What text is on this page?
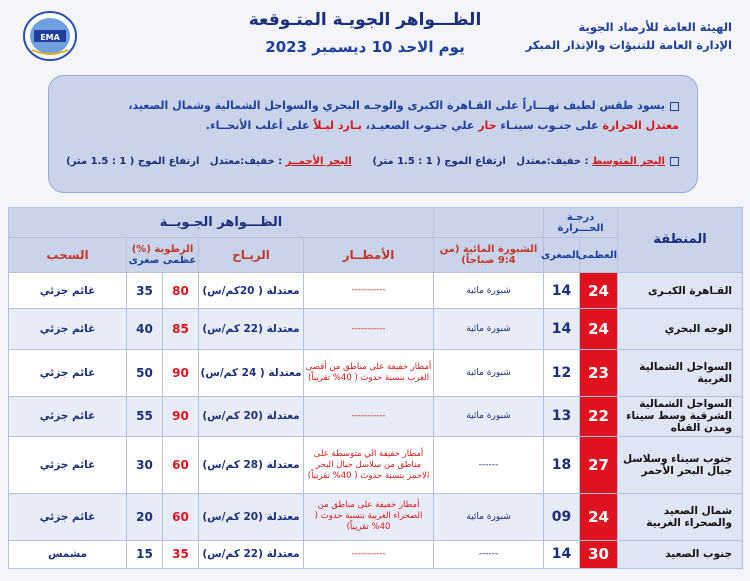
EMA
الهيئة العامة للأرصاد الجوية
الإدارة العامة للتنبؤات والإنذار المبكر
الظـــواهر الجويـة المتـوقعة
يوم الاحد 10 ديسمبر 2023
يسود طقس لطيف نهـــاراً على القـاهرة الكبرى والوجـه البحري والسواحل الشمالية وشمال الصعيد،
معتدل الحرارة على جنـوب سينـاء حار علي جنـوب الصعيـد، بـارد ليـلاً على أغلب الأنحــاء.
البحر المتوسط : خفيف:معتدل   ارتفاع الموج ( 1 : 1.5 متر)      البحر الأحمــر : خفيف:معتدل   ارتفاع الموج ( 1 : 1.5 متر)
المنطقة	درجـة الحـــرارة			الظـــواهر الجـويــة				
	العظمى	الصغرى	الشبورة المائية (من 9:4 صباحاً)	الأمطــار	الريـاح	الرطوبة (%)
عظمى صغرى		السحب
القـاهرة الكبـرى	24	14	شبورة مائية	-----------	معتدلة ( 20كم/س)	80	35	غائم جزئي
الوجه البحري	24	14	شبورة مائية	-----------	معتدلة (22 كم/س)	85	40	غائم جزئي
السواحل الشمالية الغربية	23	12	شبورة مائية	أمطار خفيفة على مناطق من أقصى الغرب بنسبة حدوث ( 40% تقريباً)	معتدلة ( 24 كم/س)	90	50	غائم جزئي
السواحل الشمالية الشرقية وسط سيناء ومدن القناه	22	13	شبورة مائية	-----------	معتدلة (20 كم/س)	90	55	غائم جزئي
جنوب سيناء وسلاسل جبال البحر الأحمر	27	18	------	أمطار خفيفة الي متوسطة على مناطق من سلاسل جبال البحر الاحمر بنسبة حدوث ( 40% تقريباً)	معتدلة (28 كم/س)	60	30	غائم جزئي
شمال الصعيد والصحراء الغربية	24	09	شبورة مائية	أمطار خفيفة على مناطق من الصحراء الغربية بنسبة حدوث ( 40% تقريباً)	معتدلة (20 كم/س)	60	20	غائم جزئي
جنوب الصعيد	30	14	------	-----------	معتدلة (22 كم/س)	35	15	مشمس
